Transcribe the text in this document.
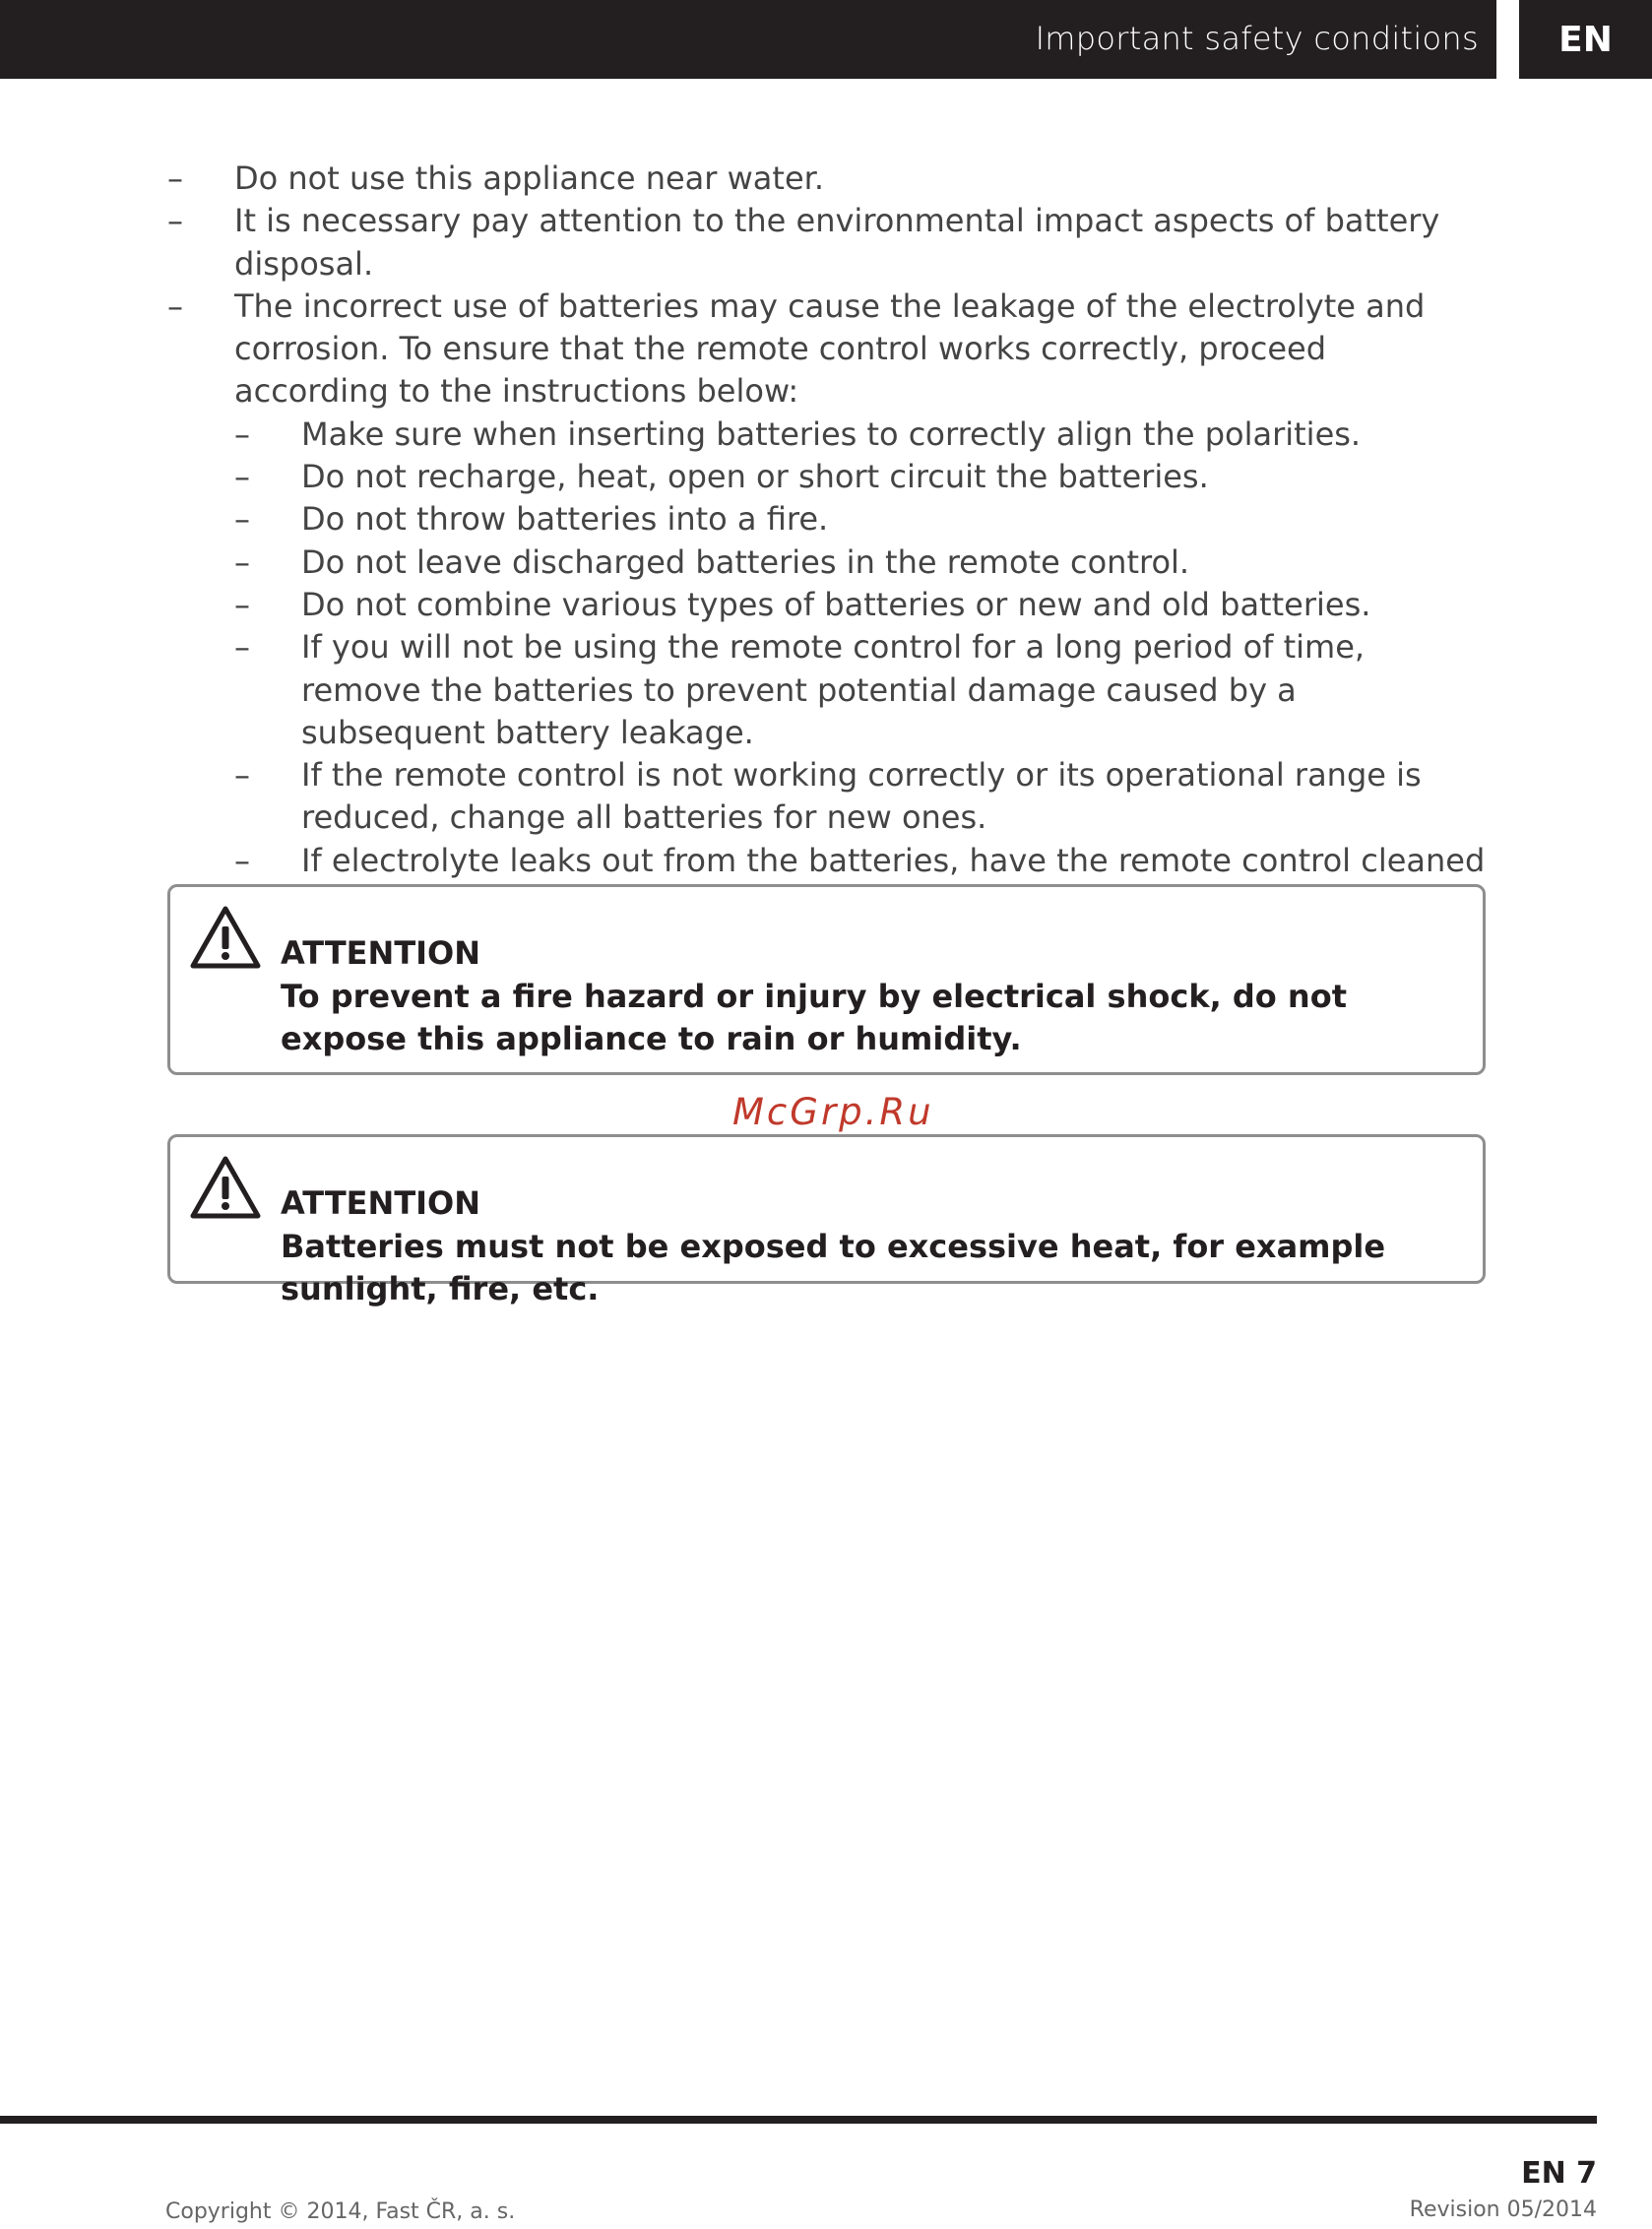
Important safety conditions	EN
–	Do not use this appliance near water.
–	It is necessary pay attention to the environmental impact aspects of battery disposal.
–	The incorrect use of batteries may cause the leakage of the electrolyte and corrosion. To ensure that the remote control works correctly, proceed according to the instructions below:
–	Make sure when inserting batteries to correctly align the polarities.
–	Do not recharge, heat, open or short circuit the batteries.
–	Do not throw batteries into a fire.
–	Do not leave discharged batteries in the remote control.
–	Do not combine various types of batteries or new and old batteries.
–	If you will not be using the remote control for a long period of time, remove the batteries to prevent potential damage caused by a subsequent battery leakage.
–	If the remote control is not working correctly or its operational range is reduced, change all batteries for new ones.
–	If electrolyte leaks out from the batteries, have the remote control cleaned
ATTENTION
To prevent a fire hazard or injury by electrical shock, do not expose this appliance to rain or humidity.
McGrp.Ru
ATTENTION
Batteries must not be exposed to excessive heat, for example sunlight, fire, etc.
Copyright © 2014, Fast ČR, a. s.
EN 7
Revision 05/2014
